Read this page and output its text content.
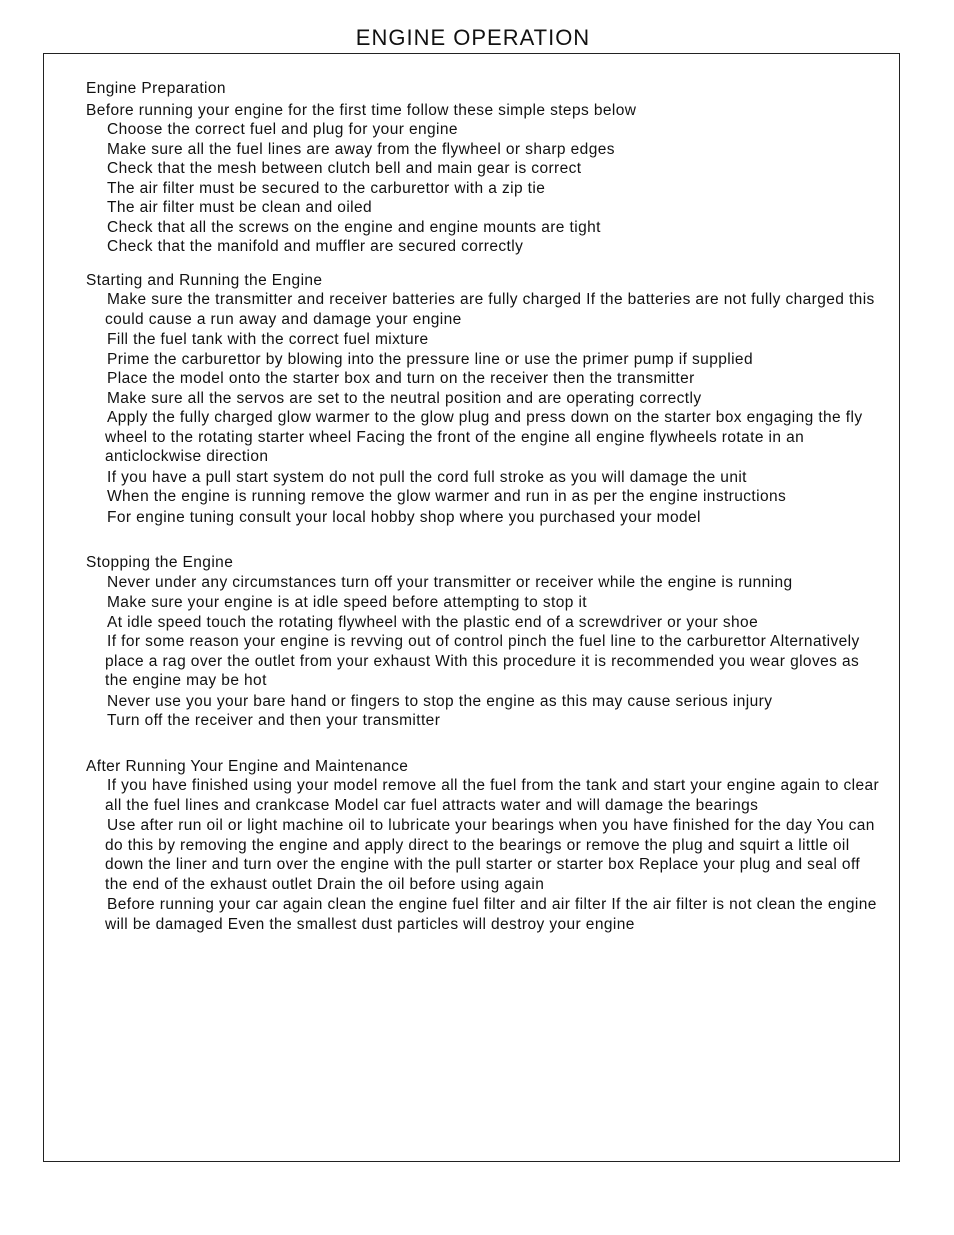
ENGINE OPERATION

Engine Preparation

Before running your engine for the first time follow these simple steps below

Choose the correct fuel and plug for your engine
Make sure all the fuel lines are away from the flywheel or sharp edges
Check that the mesh between clutch bell and main gear is correct
The air filter must be secured to the carburettor with a zip tie
The air filter must be clean and oiled
Check that all the screws on the engine and engine mounts are tight
Check that the manifold and muffler are secured correctly

Starting and Running the Engine

Make sure the transmitter and receiver batteries are fully charged If the batteries are not fully charged this could cause a run away and damage your engine
Fill the fuel tank with the correct fuel mixture
Prime the carburettor by blowing into the pressure line or use the primer pump if supplied
Place the model onto the starter box and turn on the receiver then the transmitter
Make sure all the servos are set to the neutral position and are operating correctly
Apply the fully charged glow warmer to the glow plug and press down on the starter box engaging the fly wheel to the rotating starter wheel Facing the front of the engine all engine flywheels rotate in an anticlockwise direction
If you have a pull start system do not pull the cord full stroke as you will damage the unit
When the engine is running remove the glow warmer and run in as per the engine instructions
For engine tuning consult your local hobby shop where you purchased your model

Stopping the Engine

Never under any circumstances turn off your transmitter or receiver while the engine is running
Make sure your engine is at idle speed before attempting to stop it
At idle speed touch the rotating flywheel with the plastic end of a screwdriver or your shoe
If for some reason your engine is revving out of control pinch the fuel line to the carburettor Alternatively place a rag over the outlet from your exhaust With this procedure it is recommended you wear gloves as the engine may be hot
Never use you your bare hand or fingers to stop the engine as this may cause serious injury
Turn off the receiver and then your transmitter

After Running Your Engine and Maintenance

If you have finished using your model remove all the fuel from the tank and start your engine again to clear all the fuel lines and crankcase Model car fuel attracts water and will damage the bearings
Use after run oil or light machine oil to lubricate your bearings when you have finished for the day You can do this by removing the engine and apply direct to the bearings or remove the plug and squirt a little oil down the liner and turn over the engine with the pull starter or starter box Replace your plug and seal off the end of the exhaust outlet Drain the oil before using again
Before running your car again clean the engine fuel filter and air filter If the air filter is not clean the engine will be damaged Even the smallest dust particles will destroy your engine
